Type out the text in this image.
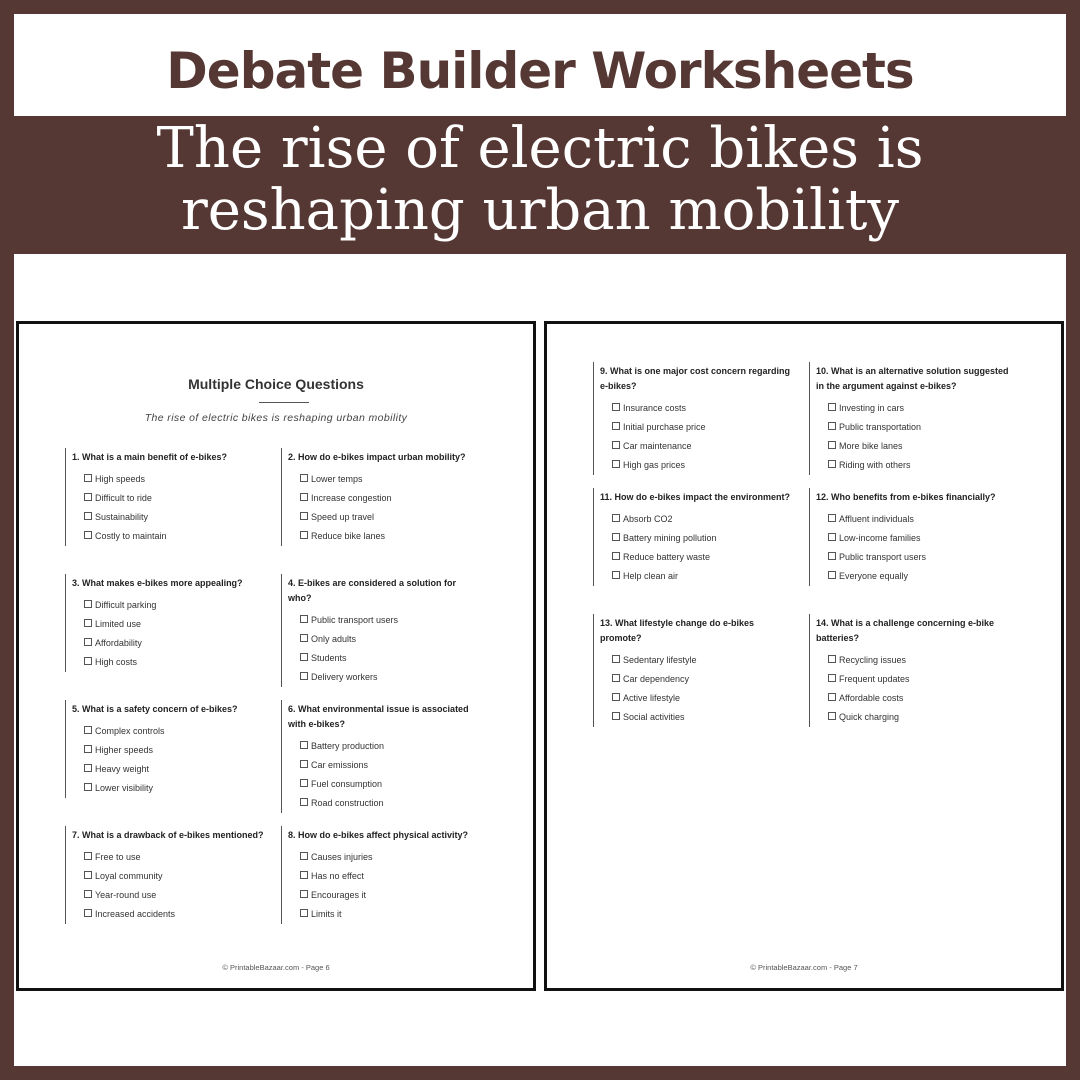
Debate Builder Worksheets
The rise of electric bikes is
reshaping urban mobility
Multiple Choice Questions
The rise of electric bikes is reshaping urban mobility
1. What is a main benefit of e-bikes?
High speeds
Difficult to ride
Sustainability
Costly to maintain
2. How do e-bikes impact urban mobility?
Lower temps
Increase congestion
Speed up travel
Reduce bike lanes
3. What makes e-bikes more appealing?
Difficult parking
Limited use
Affordability
High costs
4. E-bikes are considered a solution for who?
Public transport users
Only adults
Students
Delivery workers
5. What is a safety concern of e-bikes?
Complex controls
Higher speeds
Heavy weight
Lower visibility
6. What environmental issue is associated with e-bikes?
Battery production
Car emissions
Fuel consumption
Road construction
7. What is a drawback of e-bikes mentioned?
Free to use
Loyal community
Year-round use
Increased accidents
8. How do e-bikes affect physical activity?
Causes injuries
Has no effect
Encourages it
Limits it
© PrintableBazaar.com - Page 6
9. What is one major cost concern regarding e-bikes?
Insurance costs
Initial purchase price
Car maintenance
High gas prices
10. What is an alternative solution suggested in the argument against e-bikes?
Investing in cars
Public transportation
More bike lanes
Riding with others
11. How do e-bikes impact the environment?
Absorb CO2
Battery mining pollution
Reduce battery waste
Help clean air
12. Who benefits from e-bikes financially?
Affluent individuals
Low-income families
Public transport users
Everyone equally
13. What lifestyle change do e-bikes promote?
Sedentary lifestyle
Car dependency
Active lifestyle
Social activities
14. What is a challenge concerning e-bike batteries?
Recycling issues
Frequent updates
Affordable costs
Quick charging
© PrintableBazaar.com - Page 7
